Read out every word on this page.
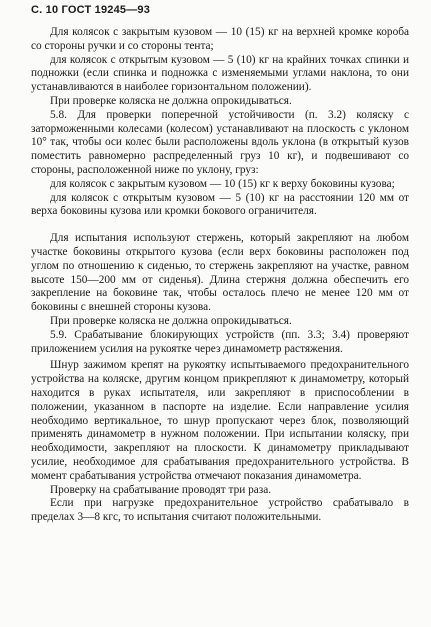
С. 10 ГОСТ 19245—93

Для колясок с закрытым кузовом — 10 (15) кг на верхней кромке короба со стороны ручки и со стороны тента;

для колясок с открытым кузовом — 5 (10) кг на крайних точках спинки и подножки (если спинка и подножка с изменяемыми углами наклона, то они устанавливаются в наиболее горизонтальном положении).

При проверке коляска не должна опрокидываться.

5.8. Для проверки поперечной устойчивости (п. 3.2) коляску с заторможенными колесами (колесом) устанавливают на плоскость с уклоном 10° так, чтобы оси колес были расположены вдоль уклона (в открытый кузов поместить равномерно распределенный груз 10 кг), и подвешивают со стороны, расположенной ниже по уклону, груз:

для колясок с закрытым кузовом — 10 (15) кг к верху боковины кузова;

для колясок с открытым кузовом — 5 (10) кг на расстоянии 120 мм от верха боковины кузова или кромки бокового ограничителя.

Для испытания используют стержень, который закрепляют на любом участке боковины открытого кузова (если верх боковины расположен под углом по отношению к сиденью, то стержень закрепляют на участке, равном высоте 150—200 мм от сиденья). Длина стержня должна обеспечить его закрепление на боковине так, чтобы осталось плечо не менее 120 мм от боковины с внешней стороны кузова.

При проверке коляска не должна опрокидываться.

5.9. Срабатывание блокирующих устройств (пп. 3.3; 3.4) проверяют приложением усилия на рукоятке через динамометр растяжения.

Шнур зажимом крепят на рукоятку испытываемого предохранительного устройства на коляске, другим концом прикрепляют к динамометру, который находится в руках испытателя, или закрепляют в приспособлении в положении, указанном в паспорте на изделие. Если направление усилия необходимо вертикальное, то шнур пропускают через блок, позволяющий применять динамометр в нужном положении. При испытании коляску, при необходимости, закрепляют на плоскости. К динамометру прикладывают усилие, необходимое для срабатывания предохранительного устройства. В момент срабатывания устройства отмечают показания динамометра.

Проверку на срабатывание проводят три раза.

Если при нагрузке предохранительное устройство срабатывало в пределах 3—8 кгс, то испытания считают положительными.
